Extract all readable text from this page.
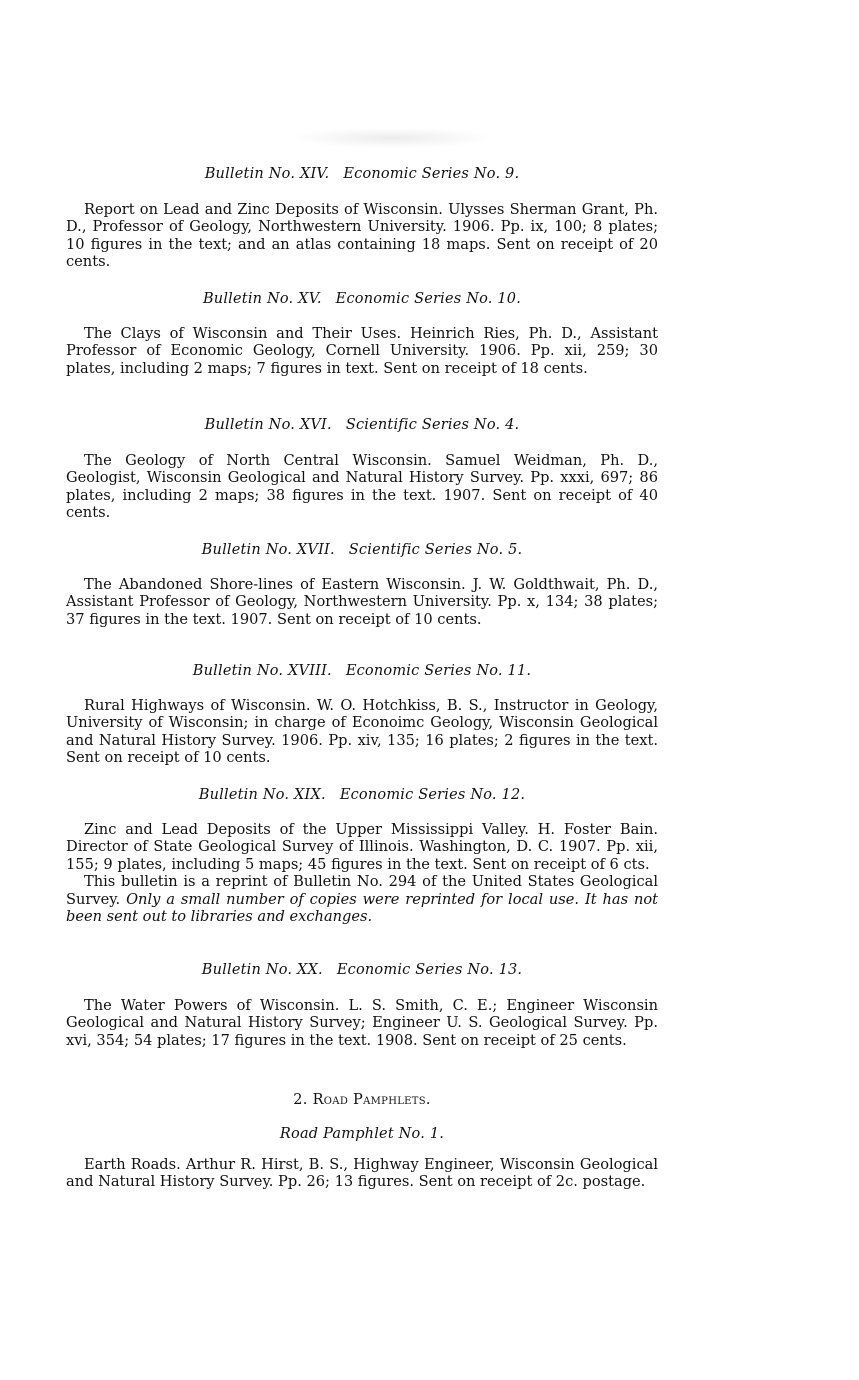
Bulletin No. XIV. Economic Series No. 9.

Report on Lead and Zinc Deposits of Wisconsin. Ulysses Sherman Grant, Ph. D., Professor of Geology, Northwestern University. 1906. Pp. ix, 100; 8 plates; 10 figures in the text; and an atlas containing 18 maps. Sent on receipt of 20 cents.

Bulletin No. XV. Economic Series No. 10.

The Clays of Wisconsin and Their Uses. Heinrich Ries, Ph. D., Assistant Professor of Economic Geology, Cornell University. 1906. Pp. xii, 259; 30 plates, including 2 maps; 7 figures in text. Sent on receipt of 18 cents.

Bulletin No. XVI. Scientific Series No. 4.

The Geology of North Central Wisconsin. Samuel Weidman, Ph. D., Geologist, Wisconsin Geological and Natural History Survey. Pp. xxxi, 697; 86 plates, including 2 maps; 38 figures in the text. 1907. Sent on receipt of 40 cents.

Bulletin No. XVII. Scientific Series No. 5.

The Abandoned Shore-lines of Eastern Wisconsin. J. W. Goldthwait, Ph. D., Assistant Professor of Geology, Northwestern University. Pp. x, 134; 38 plates; 37 figures in the text. 1907. Sent on receipt of 10 cents.

Bulletin No. XVIII. Economic Series No. 11.

Rural Highways of Wisconsin. W. O. Hotchkiss, B. S., Instructor in Geology, University of Wisconsin; in charge of Econoimc Geology, Wisconsin Geological and Natural History Survey. 1906. Pp. xiv, 135; 16 plates; 2 figures in the text. Sent on receipt of 10 cents.

Bulletin No. XIX. Economic Series No. 12.
Zinc and Lead Deposits of the Upper Mississippi Valley. H. Foster Bain. Director of State Geological Survey of Illinois. Washington, D. C. 1907. Pp. xii, 155; 9 plates, including 5 maps; 45 figures in the text. Sent on receipt of 6 cts.
This bulletin is a reprint of Bulletin No. 294 of the United States Geological Survey. Only a small number of copies were reprinted for local use. It has not been sent out to libraries and exchanges.
Bulletin No. XX. Economic Series No. 13.

The Water Powers of Wisconsin. L. S. Smith, C. E.; Engineer Wisconsin Geological and Natural History Survey; Engineer U. S. Geological Survey. Pp. xvi, 354; 54 plates; 17 figures in the text. 1908. Sent on receipt of 25 cents.

2. Road Pamphlets.
Road Pamphlet No. 1.

Earth Roads. Arthur R. Hirst, B. S., Highway Engineer, Wisconsin Geological and Natural History Survey. Pp. 26; 13 figures. Sent on receipt of 2c. postage.
